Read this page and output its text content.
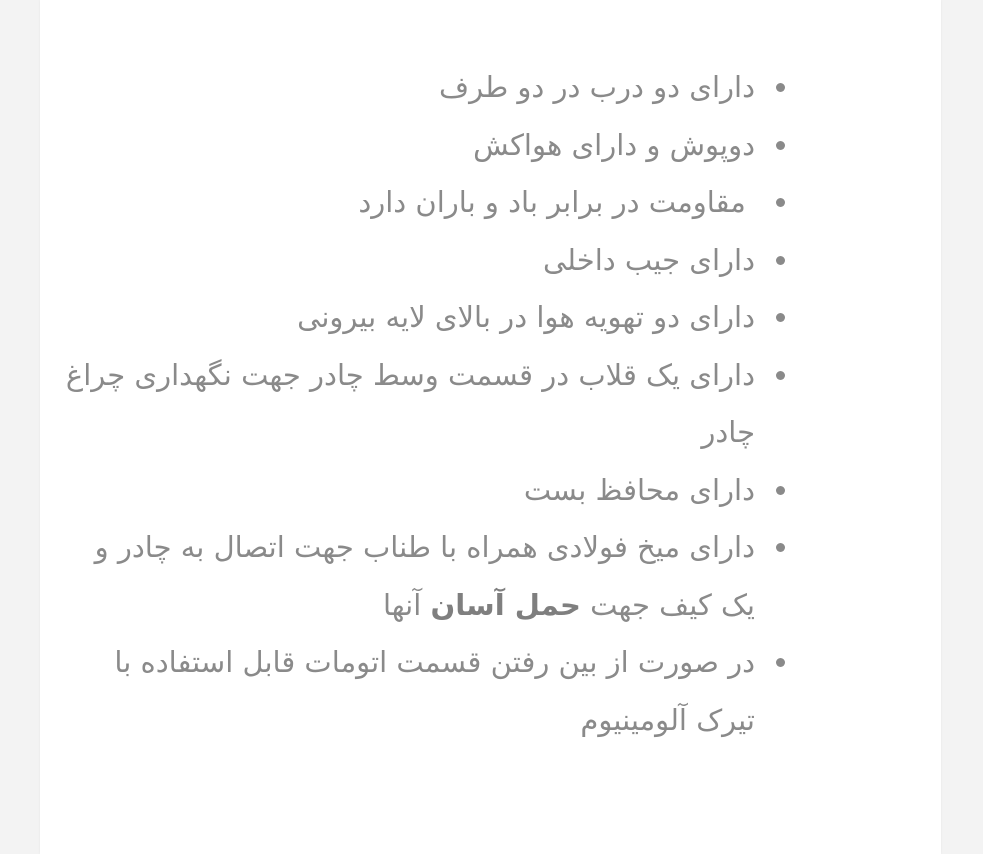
دارای دو درب در دو طرف
دوپوش و دارای هواکش
مقاومت در برابر باد و باران دارد
دارای جیب داخلی
دارای دو تهویه هوا در بالای لایه بیرونی
دارای یک قلاب در قسمت وسط چادر جهت نگهداری چراغ چادر
دارای محافظ بست
دارای میخ فولادی همراه با طناب جهت اتصال به چادر و یک کیف جهت حمل آسان آنها
در صورت از بین رفتن قسمت اتومات قابل استفاده با تیرک آلومینیوم
